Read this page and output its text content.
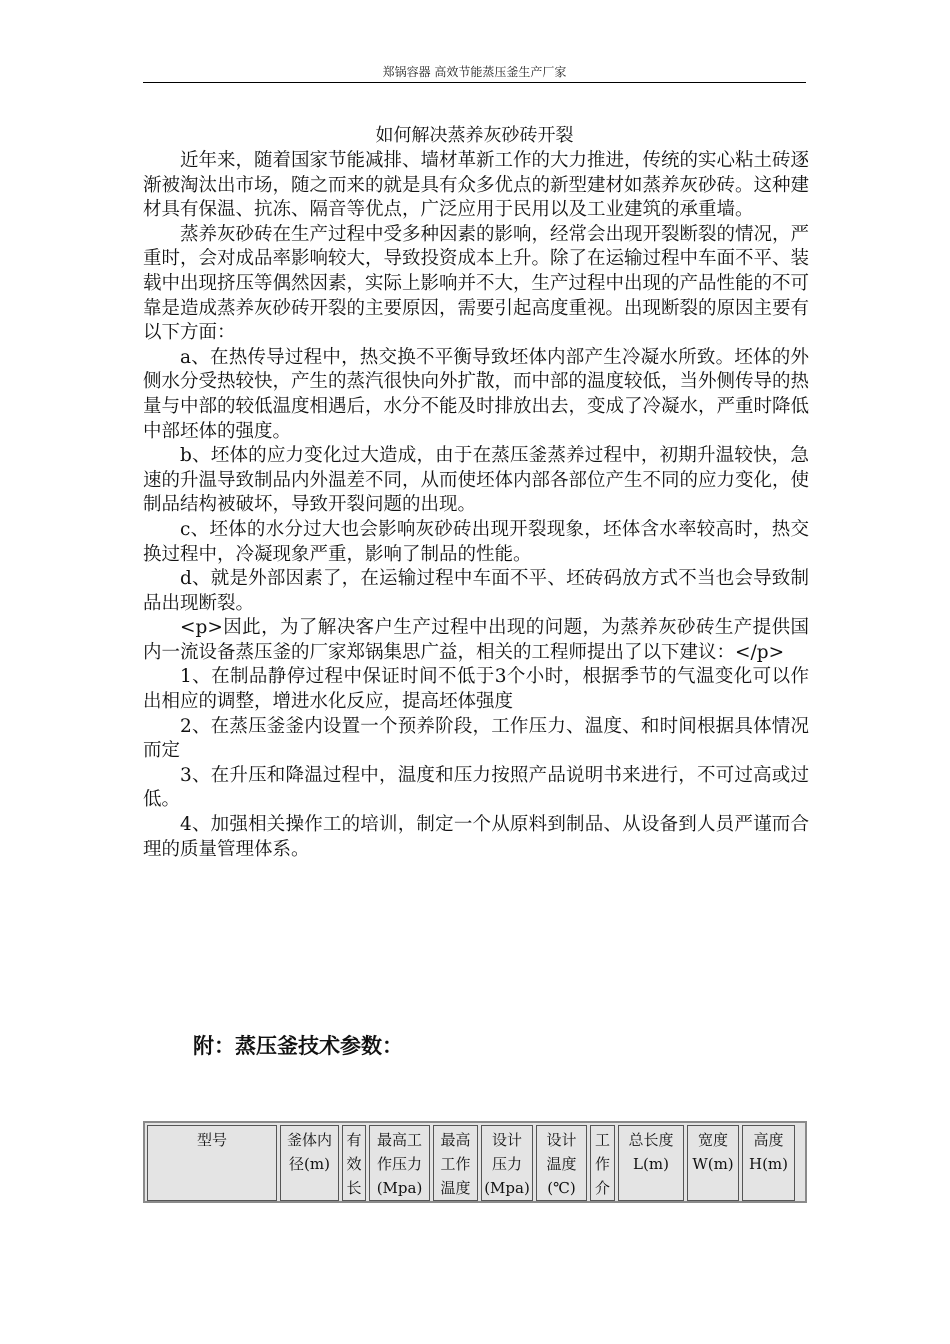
郑锅容器 高效节能蒸压釜生产厂家
如何解决蒸养灰砂砖开裂

近年来，随着国家节能减排、墙材革新工作的大力推进，传统的实心粘土砖逐渐被淘汰出市场，随之而来的就是具有众多优点的新型建材如蒸养灰砂砖。这种建材具有保温、抗冻、隔音等优点，广泛应用于民用以及工业建筑的承重墙。

蒸养灰砂砖在生产过程中受多种因素的影响，经常会出现开裂断裂的情况，严重时，会对成品率影响较大，导致投资成本上升。除了在运输过程中车面不平、装载中出现挤压等偶然因素，实际上影响并不大，生产过程中出现的产品性能的不可靠是造成蒸养灰砂砖开裂的主要原因，需要引起高度重视。出现断裂的原因主要有以下方面：

a、在热传导过程中，热交换不平衡导致坯体内部产生冷凝水所致。坯体的外侧水分受热较快，产生的蒸汽很快向外扩散，而中部的温度较低，当外侧传导的热量与中部的较低温度相遇后，水分不能及时排放出去，变成了冷凝水，严重时降低中部坯体的强度。

b、坯体的应力变化过大造成，由于在蒸压釜蒸养过程中，初期升温较快，急速的升温导致制品内外温差不同，从而使坯体内部各部位产生不同的应力变化，使制品结构被破坏，导致开裂问题的出现。

c、坯体的水分过大也会影响灰砂砖出现开裂现象，坯体含水率较高时，热交换过程中，冷凝现象严重，影响了制品的性能。

d、就是外部因素了，在运输过程中车面不平、坯砖码放方式不当也会导致制品出现断裂。

<p>因此，为了解决客户生产过程中出现的问题，为蒸养灰砂砖生产提供国内一流设备蒸压釜的厂家郑锅集思广益，相关的工程师提出了以下建议：</p>

1、在制品静停过程中保证时间不低于3个小时，根据季节的气温变化可以作出相应的调整，增进水化反应，提高坯体强度

2、在蒸压釜釜内设置一个预养阶段，工作压力、温度、和时间根据具体情况而定

3、在升压和降温过程中，温度和压力按照产品说明书来进行，不可过高或过低。

4、加强相关操作工的培训，制定一个从原料到制品、从设备到人员严谨而合理的质量管理体系。

附：蒸压釜技术参数：
型号	釜体内
径(m)
有
效
长
最高工
作压力
(Mpa)
最高
工作
温度
设计
压力
(Mpa)
设计
温度
(℃)
工
作
介
总长度
L(m)
宽度
W(m)
高度
H(m)
